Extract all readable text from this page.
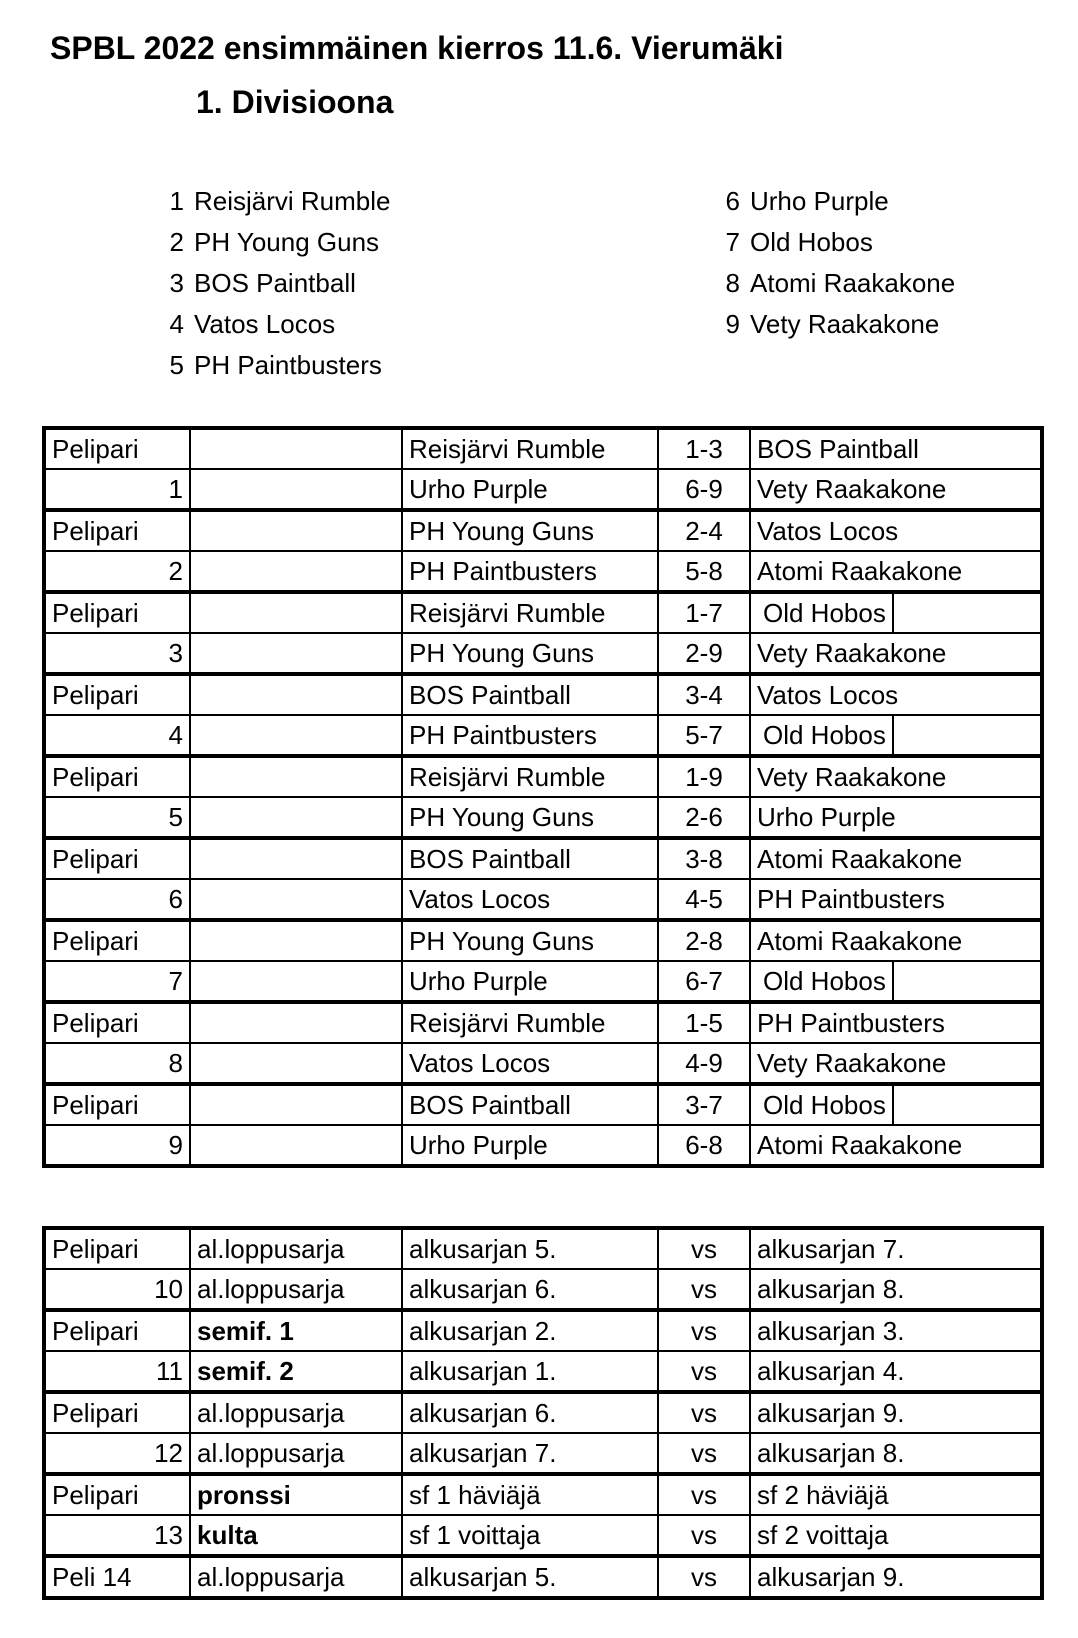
SPBL 2022 ensimmäinen kierros 11.6. Vierumäki
1. Divisioona
1 Reisjärvi Rumble
2 PH Young Guns
3 BOS Paintball
4 Vatos Locos
5 PH Paintbusters
6 Urho Purple
7 Old Hobos
8 Atomi Raakakone
9 Vety Raakakone
Pelipari		Reisjärvi Rumble	1-3	BOS Paintball
1		Urho Purple	6-9	Vety Raakakone
Pelipari		PH Young Guns	2-4	Vatos Locos
2		PH Paintbusters	5-8	Atomi Raakakone
Pelipari		Reisjärvi Rumble	1-7	Old Hobos
3		PH Young Guns	2-9	Vety Raakakone
Pelipari		BOS Paintball	3-4	Vatos Locos
4		PH Paintbusters	5-7	Old Hobos
Pelipari		Reisjärvi Rumble	1-9	Vety Raakakone
5		PH Young Guns	2-6	Urho Purple
Pelipari		BOS Paintball	3-8	Atomi Raakakone
6		Vatos Locos	4-5	PH Paintbusters
Pelipari		PH Young Guns	2-8	Atomi Raakakone
7		Urho Purple	6-7	Old Hobos
Pelipari		Reisjärvi Rumble	1-5	PH Paintbusters
8		Vatos Locos	4-9	Vety Raakakone
Pelipari		BOS Paintball	3-7	Old Hobos
9		Urho Purple	6-8	Atomi Raakakone
Pelipari	al.loppusarja	alkusarjan 5.	vs	alkusarjan 7.
10	al.loppusarja	alkusarjan 6.	vs	alkusarjan 8.
Pelipari	semif. 1	alkusarjan 2.	vs	alkusarjan 3.
11	semif. 2	alkusarjan 1.	vs	alkusarjan 4.
Pelipari	al.loppusarja	alkusarjan 6.	vs	alkusarjan 9.
12	al.loppusarja	alkusarjan 7.	vs	alkusarjan 8.
Pelipari	pronssi	sf 1 häviäjä	vs	sf 2 häviäjä
13	kulta	sf 1 voittaja	vs	sf 2 voittaja
Peli 14	al.loppusarja	alkusarjan 5.	vs	alkusarjan 9.
